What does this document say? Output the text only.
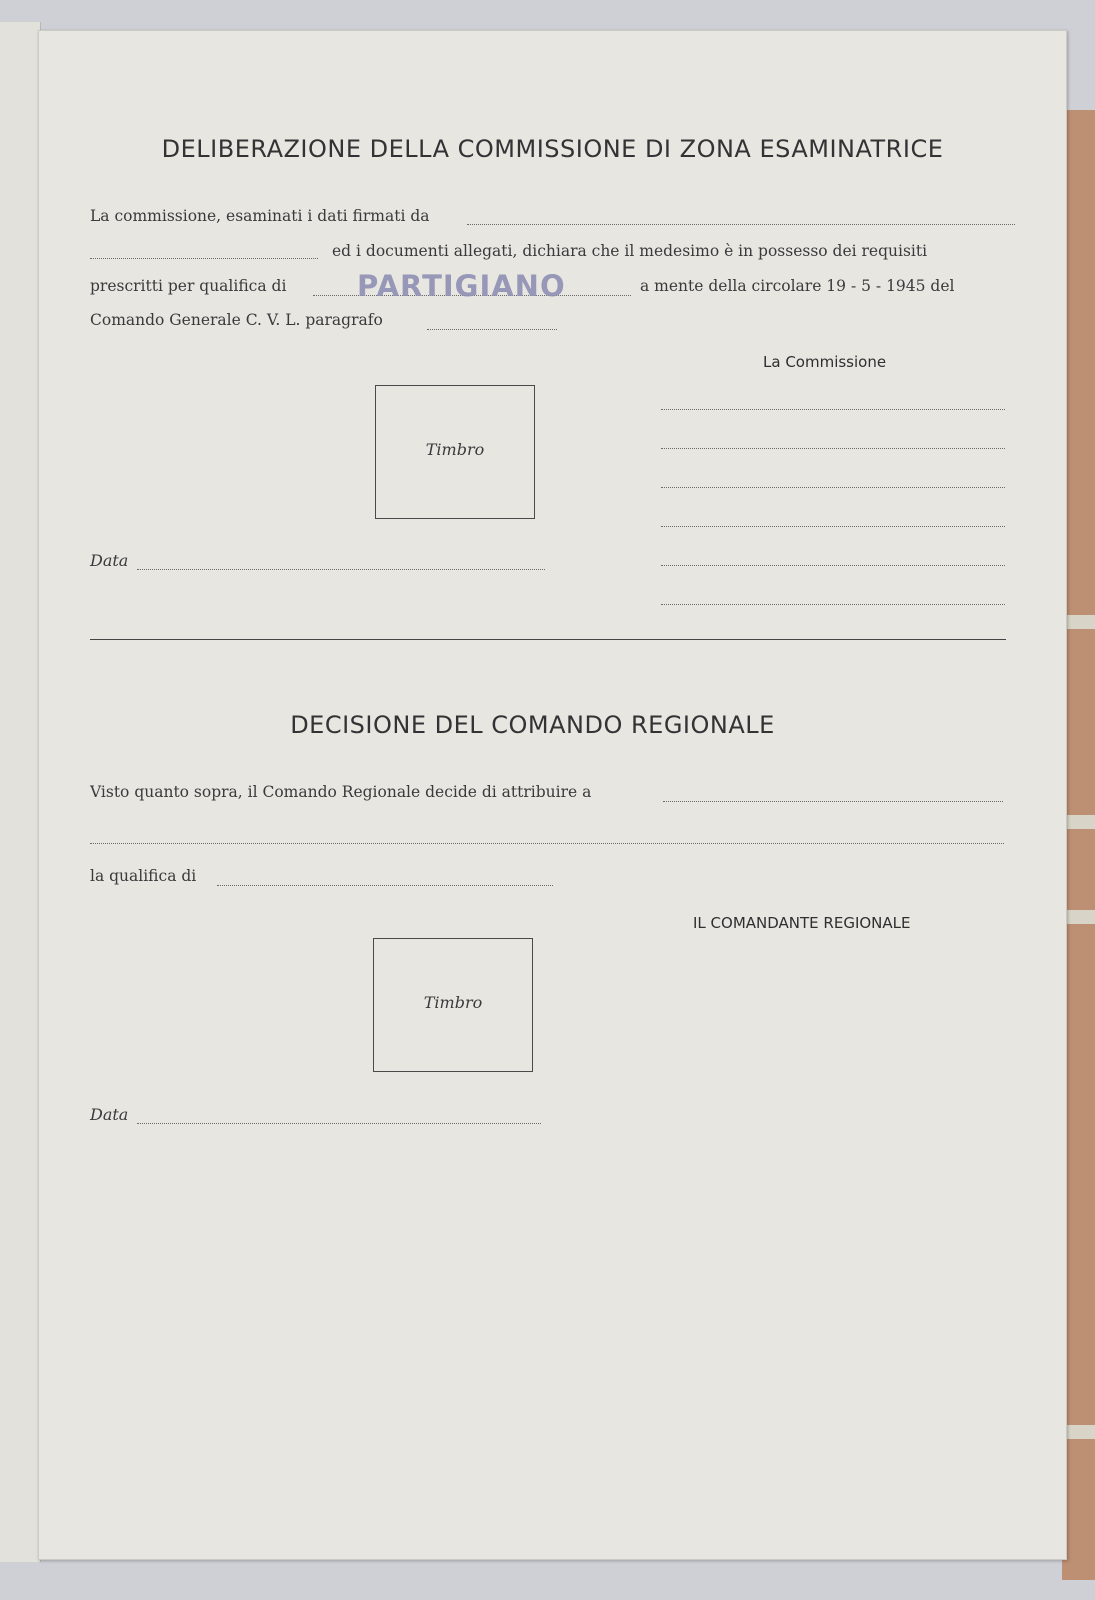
DELIBERAZIONE DELLA COMMISSIONE DI ZONA ESAMINATRICE
La commissione, esaminati i dati firmati da
ed i documenti allegati, dichiara che il medesimo è in possesso dei requisiti
prescritti per qualifica di PARTIGIANO	a mente della circolare 19 - 5 - 1945 del
Comando Generale C. V. L. paragrafo
La Commissione
Timbro
Data
DECISIONE DEL COMANDO REGIONALE
Visto quanto sopra, il Comando Regionale decide di attribuire a
la qualifica di
IL COMANDANTE REGIONALE
Timbro
Data
